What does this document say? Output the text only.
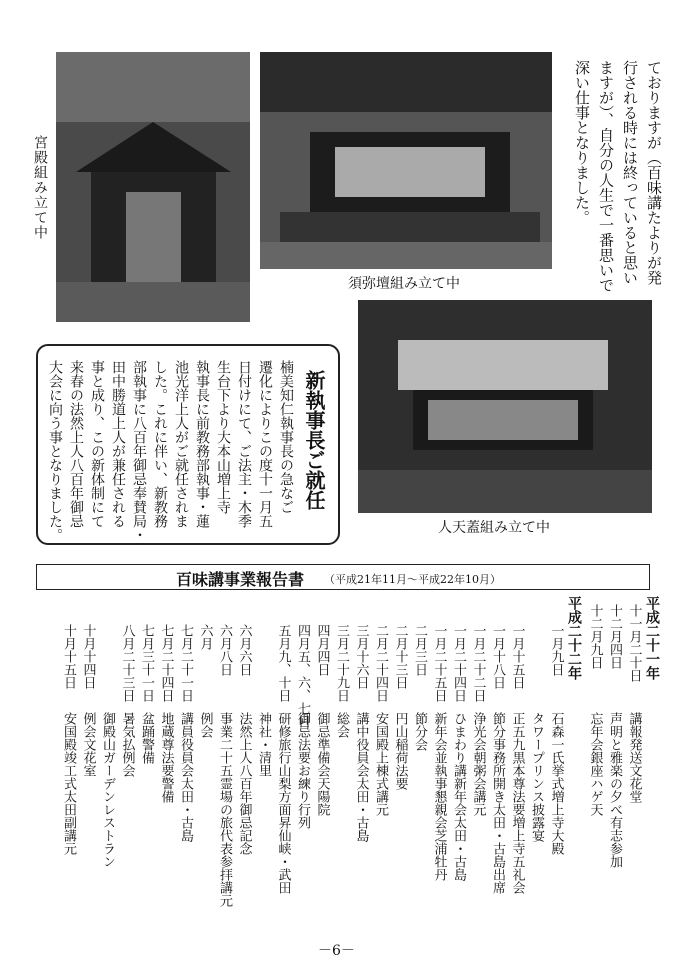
宮殿組み立て中
須弥壇組み立て中	ておりますが（百味講たよりが発
行される時には終っていると思い
ますが）、自分の人生で一番思いで
深い仕事となりました。
人天蓋組み立て中
新執事長ご就任
楠美知仁執事長の急なご
遷化によりこの度十一月五
日付けにて、ご法主・木季
生台下より大本山増上寺
執事長に前教務部執事・蓮
池光洋上人がご就任されま
した。これに伴い、新教務
部執事に八百年御忌奉賛局・
田中勝道上人が兼任される
事と成り、この新体制にて
来春の法然上人八百年御忌
大会に向う事となりました。
百味講事業報告書 （平成21年11月～平成22年10月）
平成二十一年
十一月二十日
講報発送文花堂
十二月四日
声明と雅楽の夕べ有志参加
十二月九日
忘年会銀座ハゲ天
平成二十二年
一月九日
石森一氏挙式増上寺大殿
タワープリンス披露宴
一月十五日
正五九黒本尊法要増上寺五礼会
一月十八日
節分事務所開き太田・古島出席
一月二十二日
浄光会朝粥会講元
一月二十四日
ひまわり講新年会太田・古島
一月二十五日
新年会並執事懇親会芝浦牡丹
二月三日
節分会
二月十三日
円山稲荷法要
二月二十四日
安国殿上棟式講元
三月十六日
講中役員会太田・古島
三月二十九日
総会
四月四日
御忌準備会天陽院
四月五、六、七日
御忌法要お練り行列
五月九、十日
研修旅行山梨方面昇仙峡・武田
神社・清里
六月六日
法然上人八百年御忌記念
六月八日
事業二十五霊場の旅代表参拝講元
六月
例会
七月二十一日
講員役員会太田・古島
七月二十四日
地蔵尊法要警備
七月三十一日
盆踊警備
八月二十三日
暑気払例会
御殿山ガーデンレストラン
十月十四日
例会文花室
十月十五日
安国殿竣工式太田副講元
－6－
